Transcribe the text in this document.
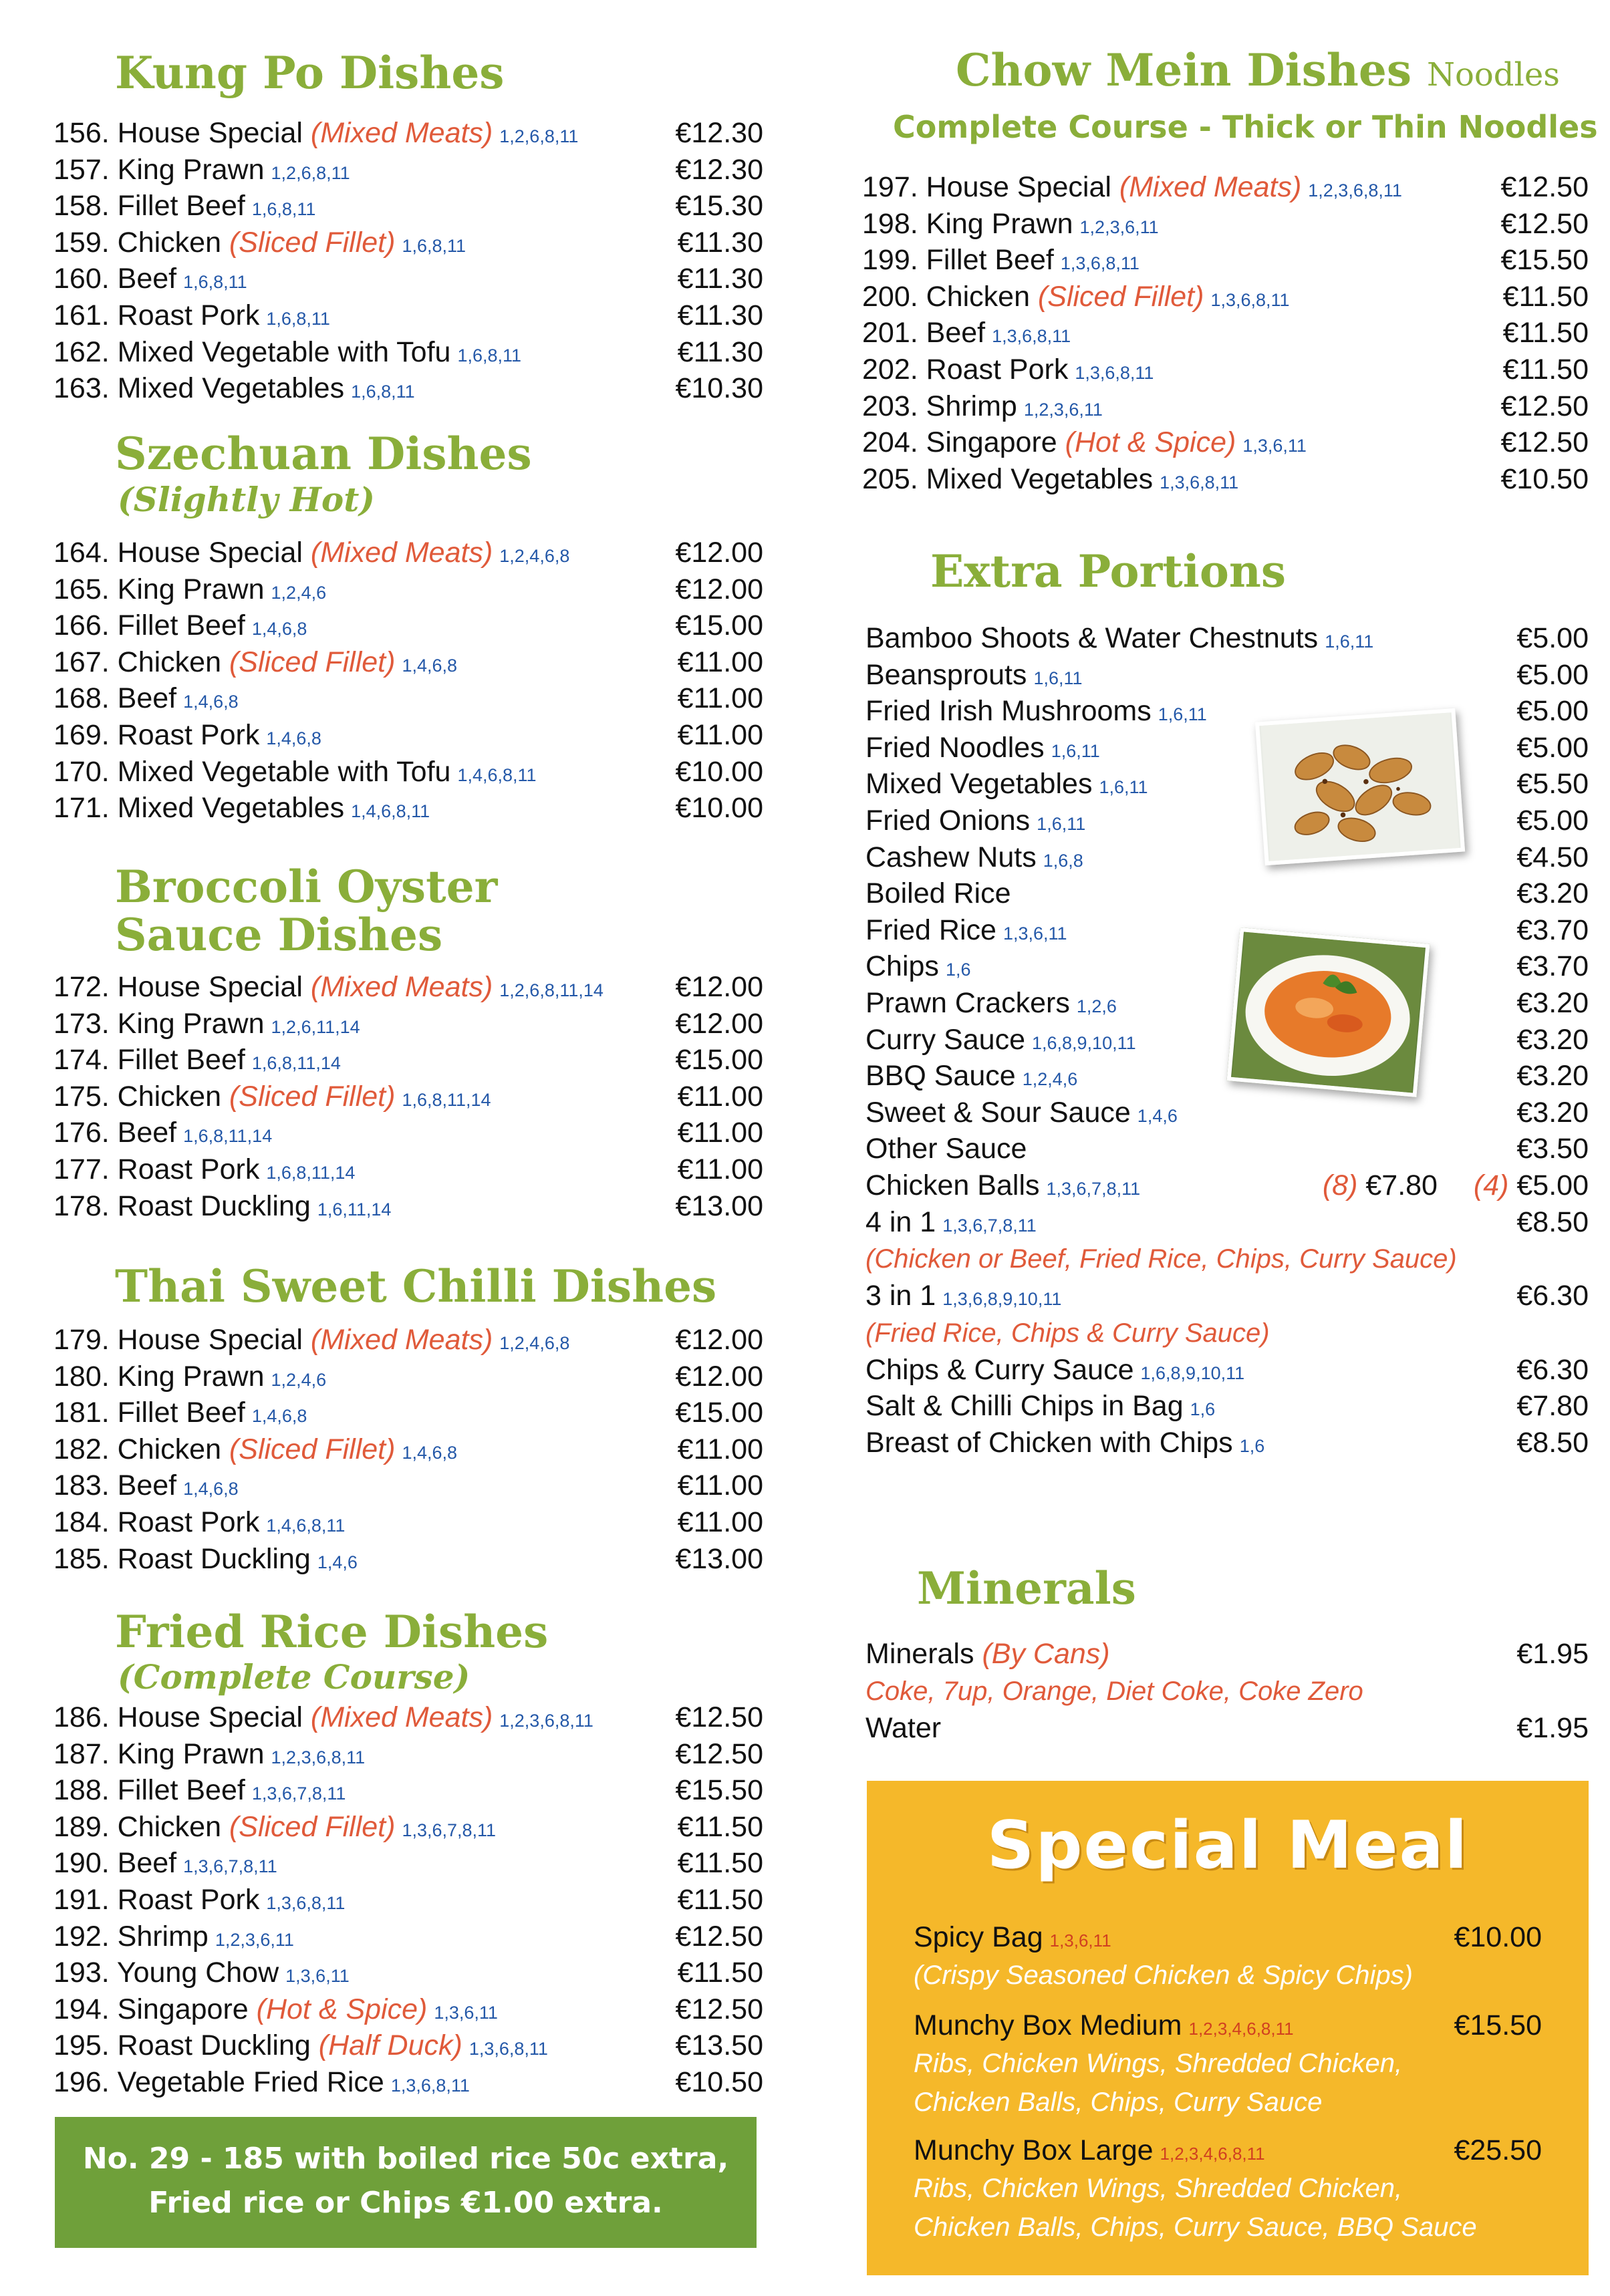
Kung Po Dishes
156. House Special (Mixed Meats) 1,2,6,8,11	€12.30
157. King Prawn 1,2,6,8,11	€12.30
158. Fillet Beef 1,6,8,11	€15.30
159. Chicken (Sliced Fillet) 1,6,8,11	€11.30
160. Beef 1,6,8,11	€11.30
161. Roast Pork 1,6,8,11	€11.30
162. Mixed Vegetable with Tofu 1,6,8,11	€11.30
163. Mixed Vegetables 1,6,8,11	€10.30
Szechuan Dishes
(Slightly Hot)
164. House Special (Mixed Meats) 1,2,4,6,8	€12.00
165. King Prawn 1,2,4,6	€12.00
166. Fillet Beef 1,4,6,8	€15.00
167. Chicken (Sliced Fillet) 1,4,6,8	€11.00
168. Beef 1,4,6,8	€11.00
169. Roast Pork 1,4,6,8	€11.00
170. Mixed Vegetable with Tofu 1,4,6,8,11	€10.00
171. Mixed Vegetables 1,4,6,8,11	€10.00
Broccoli Oyster
Sauce Dishes
172. House Special (Mixed Meats) 1,2,6,8,11,14	€12.00
173. King Prawn 1,2,6,11,14	€12.00
174. Fillet Beef 1,6,8,11,14	€15.00
175. Chicken (Sliced Fillet) 1,6,8,11,14	€11.00
176. Beef 1,6,8,11,14	€11.00
177. Roast Pork 1,6,8,11,14	€11.00
178. Roast Duckling 1,6,11,14	€13.00
Thai Sweet Chilli Dishes
179. House Special (Mixed Meats) 1,2,4,6,8	€12.00
180. King Prawn 1,2,4,6	€12.00
181. Fillet Beef 1,4,6,8	€15.00
182. Chicken (Sliced Fillet) 1,4,6,8	€11.00
183. Beef 1,4,6,8	€11.00
184. Roast Pork 1,4,6,8,11	€11.00
185. Roast Duckling 1,4,6	€13.00
Fried Rice Dishes
(Complete Course)
186. House Special (Mixed Meats) 1,2,3,6,8,11	€12.50
187. King Prawn 1,2,3,6,8,11	€12.50
188. Fillet Beef 1,3,6,7,8,11	€15.50
189. Chicken (Sliced Fillet) 1,3,6,7,8,11	€11.50
190. Beef 1,3,6,7,8,11	€11.50
191. Roast Pork 1,3,6,8,11	€11.50
192. Shrimp 1,2,3,6,11	€12.50
193. Young Chow 1,3,6,11	€11.50
194. Singapore (Hot & Spice) 1,3,6,11	€12.50
195. Roast Duckling (Half Duck) 1,3,6,8,11	€13.50
196. Vegetable Fried Rice 1,3,6,8,11	€10.50
No. 29 - 185 with boiled rice 50c extra,
Fried rice or Chips €1.00 extra.
Chow Mein Dishes Noodles
Complete Course - Thick or Thin Noodles
197. House Special (Mixed Meats) 1,2,3,6,8,11	€12.50
198. King Prawn 1,2,3,6,11	€12.50
199. Fillet Beef 1,3,6,8,11	€15.50
200. Chicken (Sliced Fillet) 1,3,6,8,11	€11.50
201. Beef 1,3,6,8,11	€11.50
202. Roast Pork 1,3,6,8,11	€11.50
203. Shrimp 1,2,3,6,11	€12.50
204. Singapore (Hot & Spice) 1,3,6,11	€12.50
205. Mixed Vegetables 1,3,6,8,11	€10.50
Extra Portions
Bamboo Shoots & Water Chestnuts 1,6,11	€5.00
Beansprouts 1,6,11	€5.00
Fried Irish Mushrooms 1,6,11	€5.00
Fried Noodles 1,6,11	€5.00
Mixed Vegetables 1,6,11	€5.50
Fried Onions 1,6,11	€5.00
Cashew Nuts 1,6,8	€4.50
Boiled Rice	€3.20
Fried Rice 1,3,6,11	€3.70
Chips 1,6	€3.70
Prawn Crackers 1,2,6	€3.20
Curry Sauce 1,6,8,9,10,11	€3.20
BBQ Sauce 1,2,4,6	€3.20
Sweet & Sour Sauce 1,4,6	€3.20
Other Sauce	€3.50
Chicken Balls 1,3,6,7,8,11	(8) €7.80 (4) €5.00
4 in 1 1,3,6,7,8,11	€8.50
(Chicken or Beef, Fried Rice, Chips, Curry Sauce)
3 in 1 1,3,6,8,9,10,11	€6.30
(Fried Rice, Chips & Curry Sauce)
Chips & Curry Sauce 1,6,8,9,10,11	€6.30
Salt & Chilli Chips in Bag 1,6	€7.80
Breast of Chicken with Chips 1,6	€8.50
Minerals
Minerals (By Cans)	€1.95
Coke, 7up, Orange, Diet Coke, Coke Zero
Water	€1.95
Special Meal
Spicy Bag 1,3,6,11	€10.00
(Crispy Seasoned Chicken & Spicy Chips)
Munchy Box Medium 1,2,3,4,6,8,11	€15.50
Ribs, Chicken Wings, Shredded Chicken,
Chicken Balls, Chips, Curry Sauce
Munchy Box Large 1,2,3,4,6,8,11	€25.50
Ribs, Chicken Wings, Shredded Chicken,
Chicken Balls, Chips, Curry Sauce, BBQ Sauce
